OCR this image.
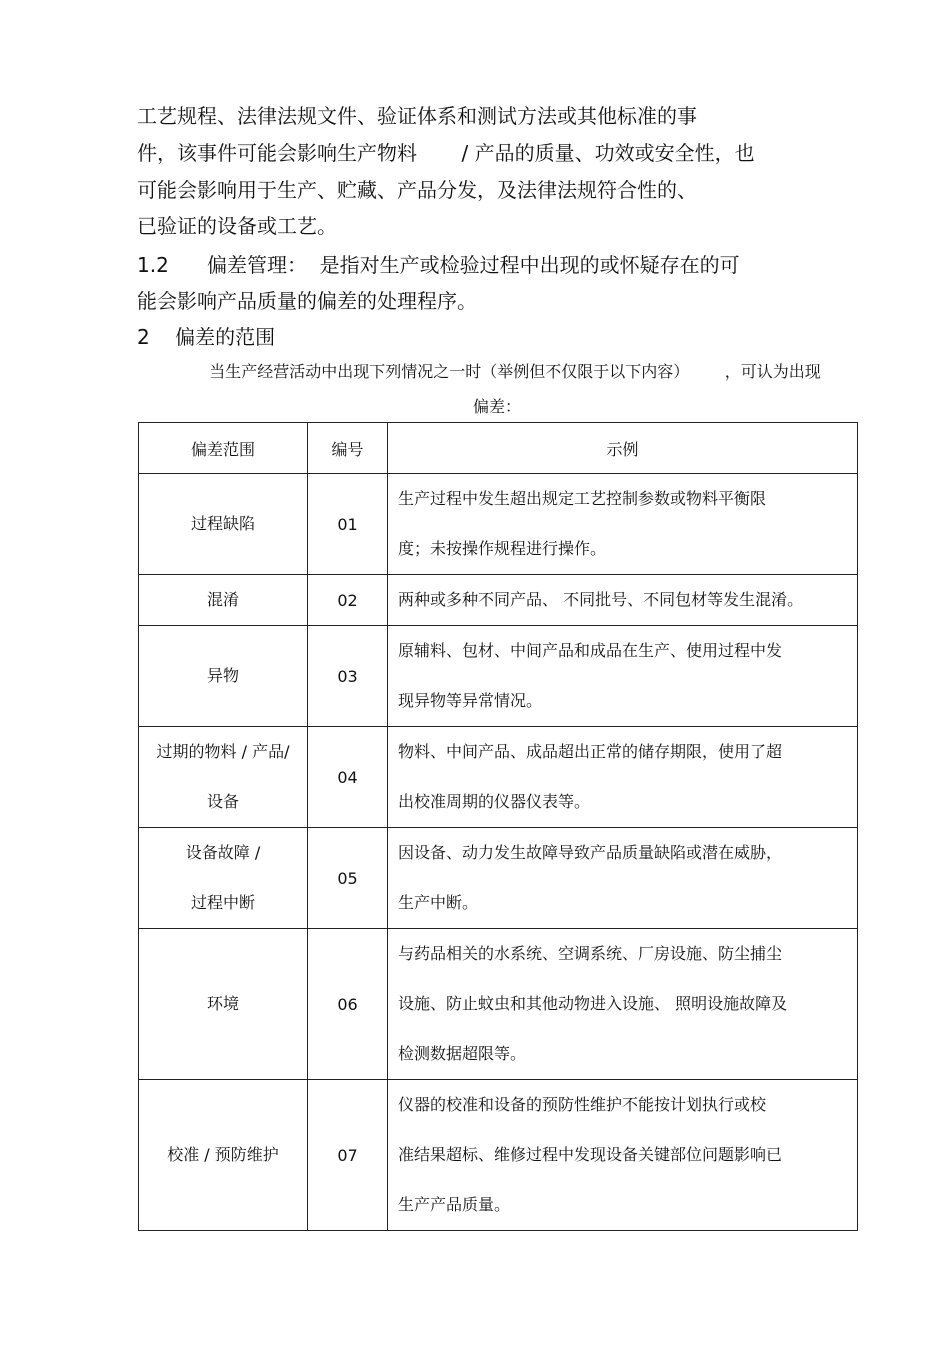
工艺规程、法律法规文件、验证体系和测试方法或其他标准的事
件，该事件可能会影响生产物料       / 产品的质量、功效或安全性，也
可能会影响用于生产、贮藏、产品分发，及法律法规符合性的、
已验证的设备或工艺。
1.2      偏差管理：  是指对生产或检验过程中出现的或怀疑存在的可
能会影响产品质量的偏差的处理程序。
2    偏差的范围
当生产经营活动中出现下列情况之一时（举例但不仅限于以下内容）       ，可认为出现
偏差：
偏差范围	编号	示例

过程缺陷	01	生产过程中发生超出规定工艺控制参数或物料平衡限
度；未按操作规程进行操作。

混淆	02	两种或多种不同产品、 不同批号、不同包材等发生混淆。

异物	03	原辅料、包材、中间产品和成品在生产、使用过程中发
现异物等异常情况。

过期的物料 / 产品/
设备	04	物料、中间产品、成品超出正常的储存期限，使用了超
出校准周期的仪器仪表等。

设备故障 /
过程中断	05	因设备、动力发生故障导致产品质量缺陷或潜在威胁，
生产中断。

环境	06	与药品相关的水系统、空调系统、厂房设施、防尘捕尘
设施、防止蚊虫和其他动物进入设施、 照明设施故障及
检测数据超限等。

校准 / 预防维护	07	仪器的校准和设备的预防性维护不能按计划执行或校
准结果超标、维修过程中发现设备关键部位问题影响已
生产产品质量。
